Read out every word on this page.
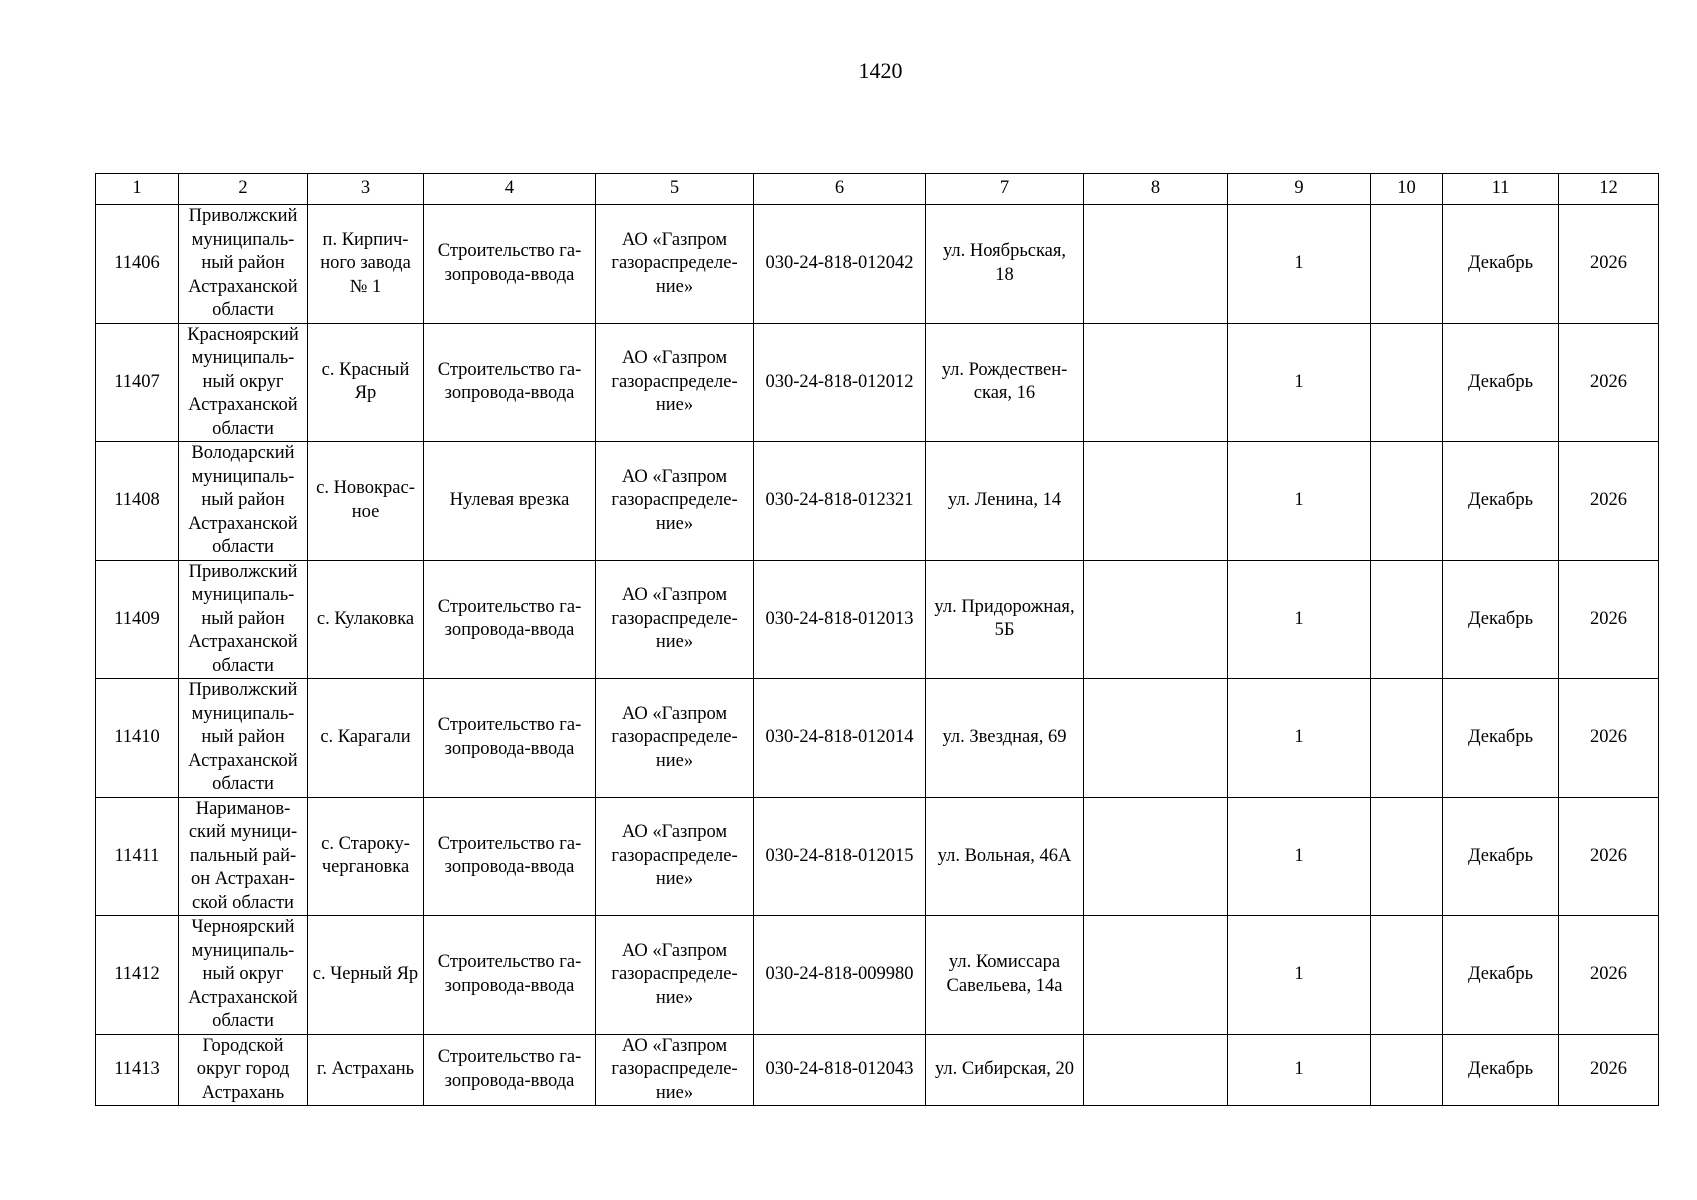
1420
1	2	3	4	5	6	7	8	9	10	11	12

11406	Приволжский
муниципаль-
ный район
Астраханской
области	п. Кирпич-
ного завода
№ 1	Строительство га-
зопровода-ввода	АО «Газпром
газораспределе-
ние»	030-24-818-012042	ул. Ноябрьская,
18		1		Декабрь	2026

11407	Красноярский
муниципаль-
ный округ
Астраханской
области	с. Красный
Яр	Строительство га-
зопровода-ввода	АО «Газпром
газораспределе-
ние»	030-24-818-012012	ул. Рождествен-
ская, 16		1		Декабрь	2026

11408	Володарский
муниципаль-
ный район
Астраханской
области	с. Новокрас-
ное	Нулевая врезка	АО «Газпром
газораспределе-
ние»	030-24-818-012321	ул. Ленина, 14		1		Декабрь	2026

11409	Приволжский
муниципаль-
ный район
Астраханской
области	с. Кулаковка	Строительство га-
зопровода-ввода	АО «Газпром
газораспределе-
ние»	030-24-818-012013	ул. Придорожная,
5Б		1		Декабрь	2026

11410	Приволжский
муниципаль-
ный район
Астраханской
области	с. Карагали	Строительство га-
зопровода-ввода	АО «Газпром
газораспределе-
ние»	030-24-818-012014	ул. Звездная, 69		1		Декабрь	2026

11411	Нариманов-
ский муници-
пальный рай-
он Астрахан-
ской области	с. Староку-
чергановка	Строительство га-
зопровода-ввода	АО «Газпром
газораспределе-
ние»	030-24-818-012015	ул. Вольная, 46А		1		Декабрь	2026

11412	Черноярский
муниципаль-
ный округ
Астраханской
области	с. Черный Яр	Строительство га-
зопровода-ввода	АО «Газпром
газораспределе-
ние»	030-24-818-009980	ул. Комиссара
Савельева, 14а		1		Декабрь	2026

11413	Городской
округ город
Астрахань	г. Астрахань	Строительство га-
зопровода-ввода	АО «Газпром
газораспределе-
ние»	030-24-818-012043	ул. Сибирская, 20		1		Декабрь	2026
